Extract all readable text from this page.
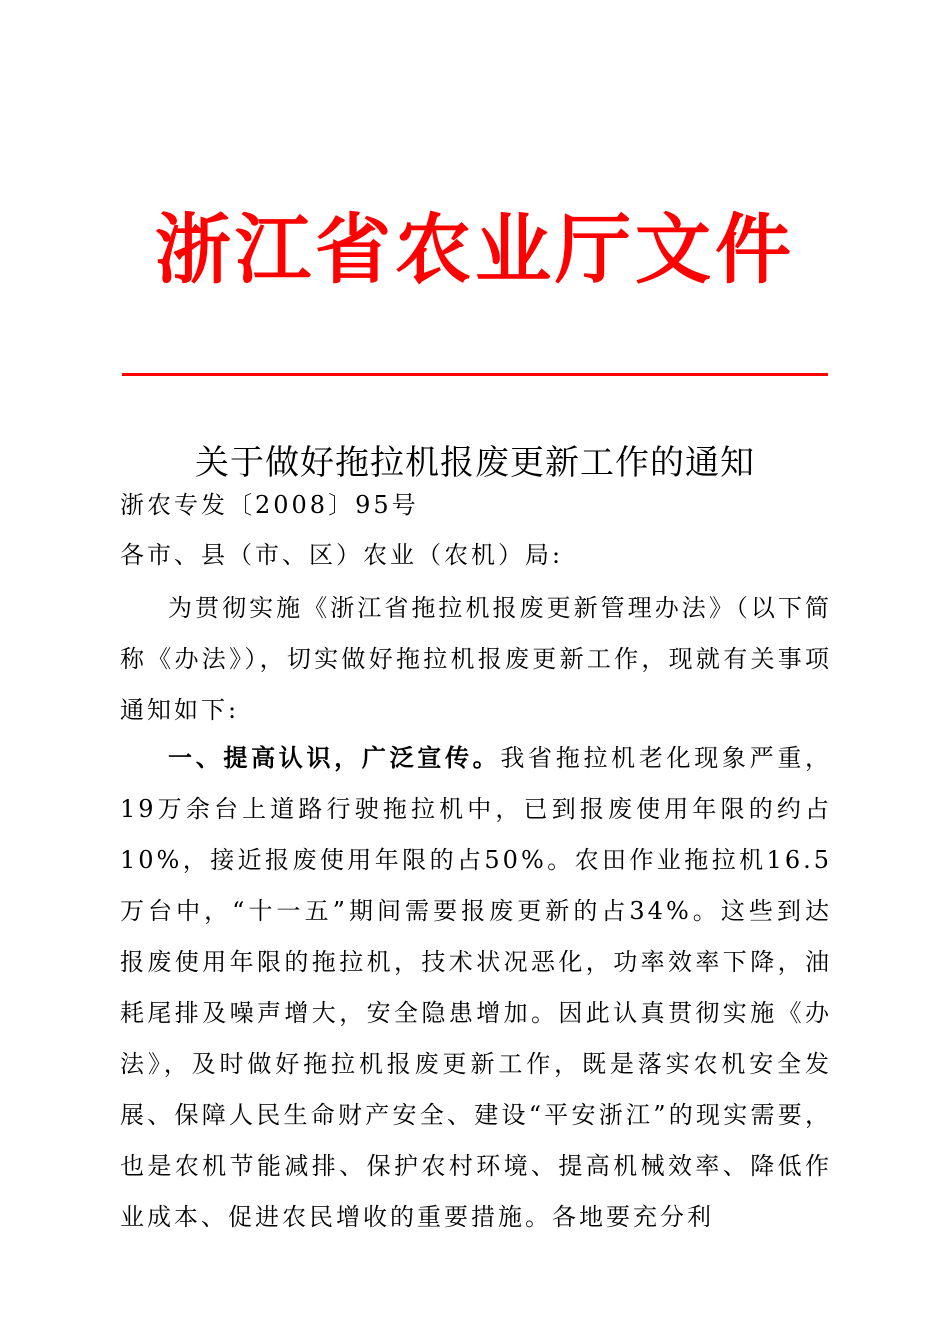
浙江省农业厅文件
关于做好拖拉机报废更新工作的通知
浙农专发〔2008〕95号
各市、县（市、区）农业（农机）局:

为贯彻实施《浙江省拖拉机报废更新管理办法》（以下简称《办法》），切实做好拖拉机报废更新工作，现就有关事项通知如下:

一、提高认识，广泛宣传。我省拖拉机老化现象严重， 19万余台上道路行驶拖拉机中，已到报废使用年限的约占10%，接近报废使用年限的占50%。农田作业拖拉机16.5万台中，“十一五”期间需要报废更新的占34%。这些到达报废使用年限的拖拉机，技术状况恶化，功率效率下降，油耗尾排及噪声增大，安全隐患增加。因此认真贯彻实施《办法》，及时做好拖拉机报废更新工作，既是落实农机安全发展、保障人民生命财产安全、建设“平安浙江”的现实需要，也是农机节能减排、保护农村环境、提高机械效率、降低作业成本、促进农民增收的重要措施。各地要充分利
